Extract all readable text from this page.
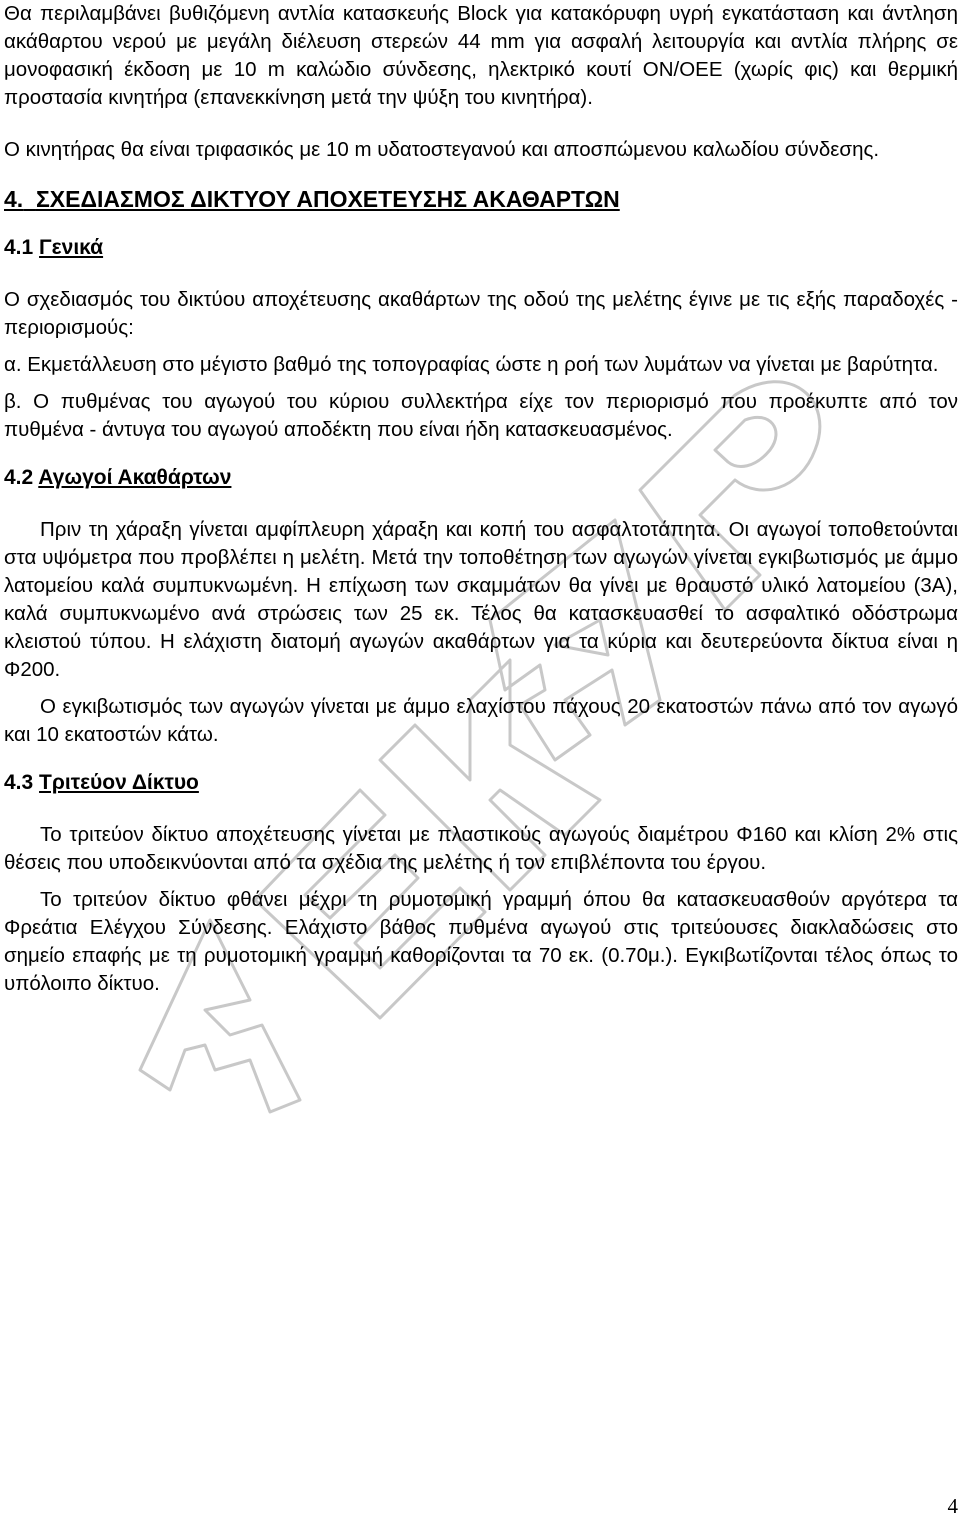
Θα περιλαμβάνει βυθιζόμενη αντλία κατασκευής Block για κατακόρυφη υγρή εγκατάσταση και άντληση ακάθαρτου νερού με μεγάλη διέλευση στερεών 44 mm για ασφαλή λειτουργία και αντλία πλήρης σε μονοφασική έκδοση με 10 m καλώδιο σύνδεσης, ηλεκτρικό κουτί ON/OEE (χωρίς φις) και θερμική προστασία κινητήρα (επανεκκίνηση μετά την ψύξη του κινητήρα).

Ο κινητήρας θα είναι τριφασικός με 10 m υδατοστεγανού και αποσπώμενου καλωδίου σύνδεσης.

4. ΣΧΕΔΙΑΣΜΟΣ ΔΙΚΤΥΟΥ ΑΠΟΧΕΤΕΥΣΗΣ ΑΚΑΘΑΡΤΩΝ
4.1 Γενικά

Ο σχεδιασμός του δικτύου αποχέτευσης ακαθάρτων της οδού της μελέτης έγινε με τις εξής παραδοχές - περιορισμούς:

α. Εκμετάλλευση στο μέγιστο βαθμό της τοπογραφίας ώστε η ροή των λυμάτων να γίνεται με βαρύτητα.

β. Ο πυθμένας του αγωγού του κύριου συλλεκτήρα είχε τον περιορισμό που προέκυπτε από τον πυθμένα - άντυγα του αγωγού αποδέκτη που είναι ήδη κατασκευασμένος.

4.2 Αγωγοί Ακαθάρτων

Πριν τη χάραξη γίνεται αμφίπλευρη χάραξη και κοπή του ασφαλτοτάπητα. Οι αγωγοί τοποθετούνται στα υψόμετρα που προβλέπει η μελέτη. Μετά την τοποθέτηση των αγωγών γίνεται εγκιβωτισμός με άμμο λατομείου καλά συμπυκνωμένη. Η επίχωση των σκαμμάτων θα γίνει με θραυστό υλικό λατομείου (3Α), καλά συμπυκνωμένο ανά στρώσεις των 25 εκ. Τέλος θα κατασκευασθεί το ασφαλτικό οδόστρωμα κλειστού τύπου. Η ελάχιστη διατομή αγωγών ακαθάρτων για τα κύρια και δευτερεύοντα δίκτυα είναι η Φ200.

Ο εγκιβωτισμός των αγωγών γίνεται με άμμο ελαχίστου πάχους 20 εκατοστών πάνω από τον αγωγό και 10 εκατοστών κάτω.

4.3 Τριτεύον Δίκτυο

Το τριτεύον δίκτυο αποχέτευσης γίνεται με πλαστικούς αγωγούς διαμέτρου Φ160 και κλίση 2% στις θέσεις που υποδεικνύονται από τα σχέδια της μελέτης ή τον επιβλέποντα του έργου.

Το τριτεύον δίκτυο φθάνει μέχρι τη ρυμοτομική γραμμή όπου θα κατασκευασθούν αργότερα τα Φρεάτια Ελέγχου Σύνδεσης. Ελάχιστο βάθος πυθμένα αγωγού στις τριτεύουσες διακλαδώσεις στο σημείο επαφής με τη ρυμοτομική γραμμή καθορίζονται τα 70 εκ. (0.70μ.). Εγκιβωτίζονται τέλος όπως το υπόλοιπο δίκτυο.

4
